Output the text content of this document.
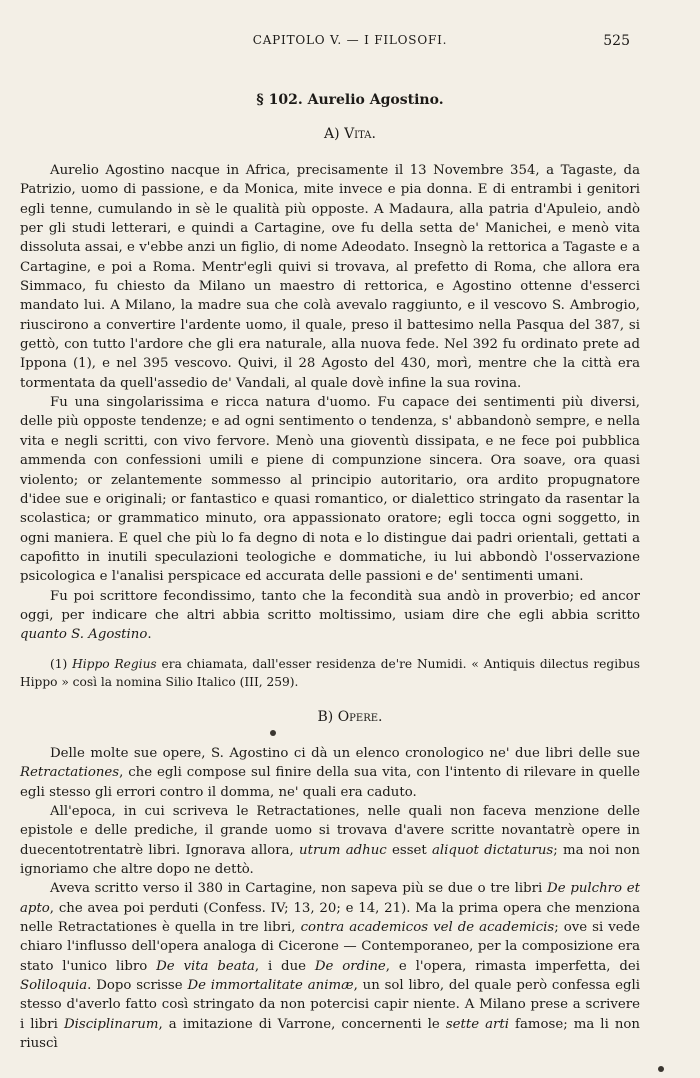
CAPITOLO V. — I FILOSOFI.	525
§ 102. Aurelio Agostino.
A) Vita.

Aurelio Agostino nacque in Africa, precisamente il 13 Novembre 354, a Tagaste, da Patrizio, uomo di passione, e da Monica, mite invece e pia donna. E di entrambi i genitori egli tenne, cumulando in sè le qualità più opposte. A Madaura, alla patria d'Apuleio, andò per gli studi letterari, e quindi a Cartagine, ove fu della setta de' Manichei, e menò vita dissoluta assai, e v'ebbe anzi un figlio, di nome Adeodato. Insegnò la rettorica a Tagaste e a Cartagine, e poi a Roma. Mentr'egli quivi si trovava, al prefetto di Roma, che allora era Simmaco, fu chiesto da Milano un maestro di rettorica, e Agostino ottenne d'esserci mandato lui. A Milano, la madre sua che colà avevalo raggiunto, e il vescovo S. Ambrogio, riuscirono a convertire l'ardente uomo, il quale, preso il battesimo nella Pasqua del 387, si gettò, con tutto l'ardore che gli era naturale, alla nuova fede. Nel 392 fu ordinato prete ad Ippona (1), e nel 395 vescovo. Quivi, il 28 Agosto del 430, morì, mentre che la città era tormentata da quell'assedio de' Vandali, al quale dovè infine la sua rovina.

Fu una singolarissima e ricca natura d'uomo. Fu capace dei sentimenti più diversi, delle più opposte tendenze; e ad ogni sentimento o tendenza, s' abbandonò sempre, e nella vita e negli scritti, con vivo fervore. Menò una gioventù dissipata, e ne fece poi pubblica ammenda con confessioni umili e piene di compunzione sincera. Ora soave, ora quasi violento; or zelantemente sommesso al principio autoritario, ora ardito propugnatore d'idee sue e originali; or fantastico e quasi romantico, or dialettico stringato da rasentar la scolastica; or grammatico minuto, ora appassionato oratore; egli tocca ogni soggetto, in ogni maniera. E quel che più lo fa degno di nota e lo distingue dai padri orientali, gettati a capofitto in inutili speculazioni teologiche e dommatiche, iu lui abbondò l'osservazione psicologica e l'analisi perspicace ed accurata delle passioni e de' sentimenti umani.

Fu poi scrittore fecondissimo, tanto che la fecondità sua andò in proverbio; ed ancor oggi, per indicare che altri abbia scritto moltissimo, usiam dire che egli abbia scritto quanto S. Agostino.

(1) Hippo Regius era chiamata, dall'esser residenza de're Numidi. « Antiquis dilectus regibus Hippo » così la nomina Silio Italico (III, 259).

B) Opere.

Delle molte sue opere, S. Agostino ci dà un elenco cronologico ne' due libri delle sue Retractationes, che egli compose sul finire della sua vita, con l'intento di rilevare in quelle egli stesso gli errori contro il domma, ne' quali era caduto.

All'epoca, in cui scriveva le Retractationes, nelle quali non faceva menzione delle epistole e delle prediche, il grande uomo si trovava d'avere scritte novantatrè opere in duecentotrentatrè libri. Ignorava allora, utrum adhuc esset aliquot dictaturus; ma noi non ignoriamo che altre dopo ne dettò.

Aveva scritto verso il 380 in Cartagine, non sapeva più se due o tre libri De pulchro et apto, che avea poi perduti (Confess. IV; 13, 20; e 14, 21). Ma la prima opera che menziona nelle Retractationes è quella in tre libri, contra academicos vel de academicis; ove si vede chiaro l'influsso dell'opera analoga di Cicerone — Contemporaneo, per la composizione era stato l'unico libro De vita beata, i due De ordine, e l'opera, rimasta imperfetta, dei Soliloquia. Dopo scrisse De immortalitate animæ, un sol libro, del quale però confessa egli stesso d'averlo fatto così stringato da non potercisi capir niente. A Milano prese a scrivere i libri Disciplinarum, a imitazione di Varrone, concernenti le sette arti famose; ma li non riuscì
